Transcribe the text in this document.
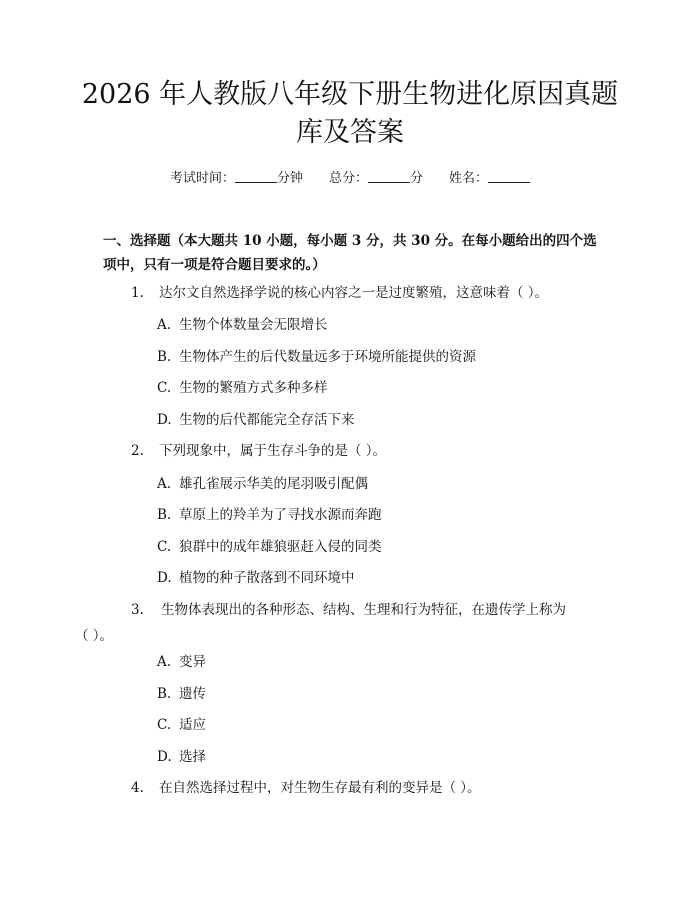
2026 年人教版八年级下册生物进化原因真题
库及答案
考试时间：	分钟 总分：	分 姓名：
一、选择题（本大题共 10 小题，每小题 3 分，共 30 分。在每小题给出的四个选
项中，只有一项是符合题目要求的。）
1. 达尔文自然选择学说的核心内容之一是过度繁殖，这意味着（ ）。
A. 生物个体数量会无限增长
B. 生物体产生的后代数量远多于环境所能提供的资源
C. 生物的繁殖方式多种多样
D. 生物的后代都能完全存活下来
2. 下列现象中，属于生存斗争的是（ ）。
A. 雄孔雀展示华美的尾羽吸引配偶
B. 草原上的羚羊为了寻找水源而奔跑
C. 狼群中的成年雄狼驱赶入侵的同类
D. 植物的种子散落到不同环境中
3. 生物体表现出的各种形态、结构、生理和行为特征，在遗传学上称为
（ ）。
A. 变异
B. 遗传
C. 适应
D. 选择
4. 在自然选择过程中，对生物生存最有利的变异是（ ）。
